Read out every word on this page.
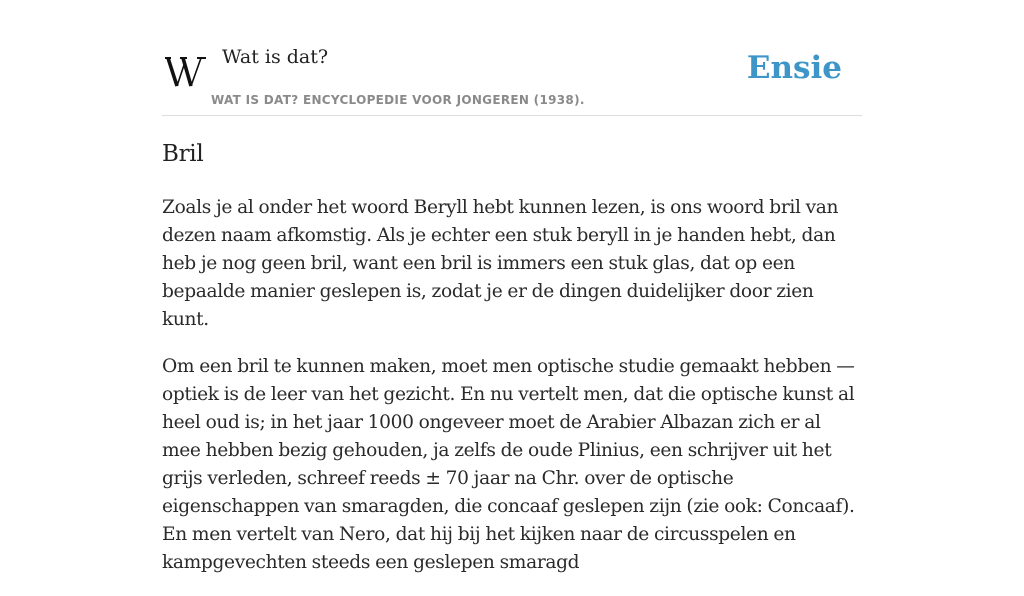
Wat is dat?
WAT IS DAT? ENCYCLOPEDIE VOOR JONGEREN (1938).
Ensie
Bril

Zoals je al onder het woord Beryll hebt kunnen lezen, is ons woord bril van dezen naam afkomstig. Als je echter een stuk beryll in je handen hebt, dan heb je nog geen bril, want een bril is immers een stuk glas, dat op een bepaalde manier geslepen is, zodat je er de dingen duidelijker door zien kunt.

Om een bril te kunnen maken, moet men optische studie gemaakt hebben — optiek is de leer van het gezicht. En nu vertelt men, dat die optische kunst al heel oud is; in het jaar 1000 ongeveer moet de Arabier Albazan zich er al mee hebben bezig gehouden, ja zelfs de oude Plinius, een schrijver uit het grijs verleden, schreef reeds ± 70 jaar na Chr. over de optische eigenschappen van smaragden, die concaaf geslepen zijn (zie ook: Concaaf). En men vertelt van Nero, dat hij bij het kijken naar de circusspelen en kampgevechten steeds een geslepen smaragd
